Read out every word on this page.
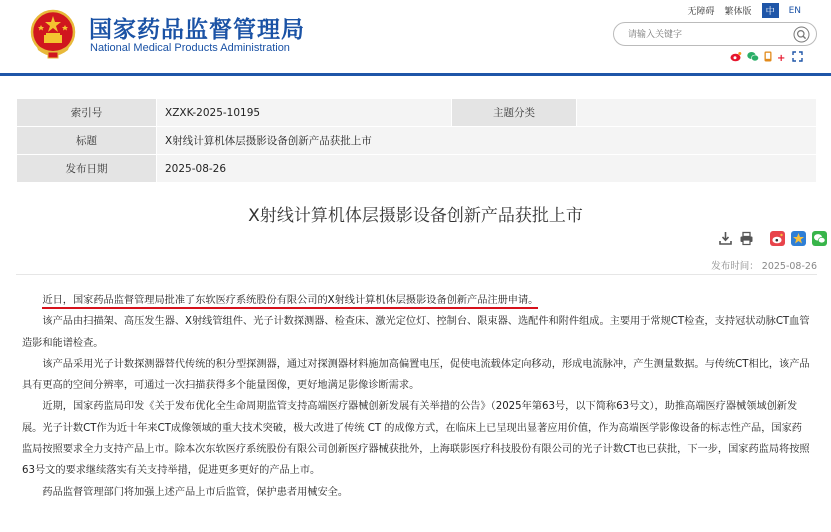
国家药品监督管理局
National Medical Products Administration
无障碍 繁体版	中	EN
请输入关键字
+
索引号	XZXK-2025-10195	主题分类	
标题	X射线计算机体层摄影设备创新产品获批上市		
发布日期	2025-08-26		
X射线计算机体层摄影设备创新产品获批上市
发布时间： 2025-08-26

近日，国家药品监督管理局批准了东软医疗系统股份有限公司的X射线计算机体层摄影设备创新产品注册申请。

该产品由扫描架、高压发生器、X射线管组件、光子计数探测器、检查床、激光定位灯、控制台、限束器、选配件和附件组成。主要用于常规CT检查，支持冠状动脉CT血管造影和能谱检查。

该产品采用光子计数探测器替代传统的积分型探测器，通过对探测器材料施加高偏置电压，促使电流载体定向移动，形成电流脉冲，产生测量数据。与传统CT相比，该产品具有更高的空间分辨率，可通过一次扫描获得多个能量图像，更好地满足影像诊断需求。

近期，国家药监局印发《关于发布优化全生命周期监管支持高端医疗器械创新发展有关举措的公告》（2025年第63号，以下简称63号文），助推高端医疗器械领域创新发展。光子计数CT作为近十年来CT成像领域的重大技术突破，极大改进了传统 CT 的成像方式，在临床上已呈现出显著应用价值，作为高端医学影像设备的标志性产品，国家药监局按照要求全力支持产品上市。除本次东软医疗系统股份有限公司创新医疗器械获批外，上海联影医疗科技股份有限公司的光子计数CT也已获批，下一步，国家药监局将按照63号文的要求继续落实有关支持举措，促进更多更好的产品上市。

药品监督管理部门将加强上述产品上市后监管，保护患者用械安全。
